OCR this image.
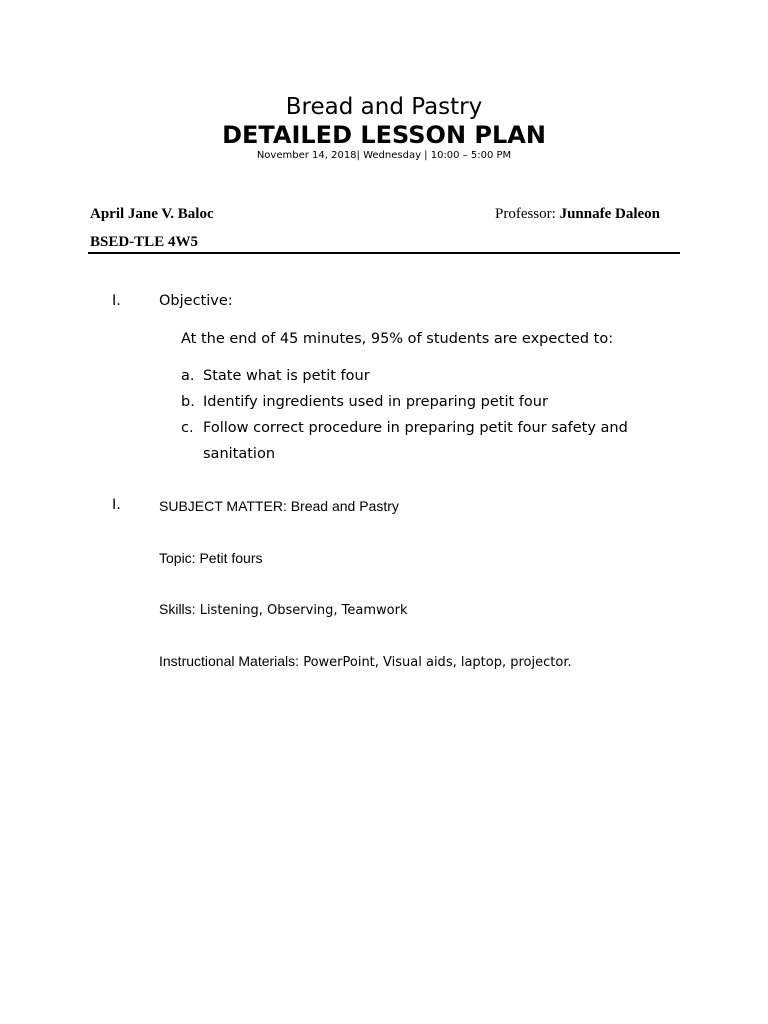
Bread and Pastry
DETAILED LESSON PLAN
November 14, 2018| Wednesday | 10:00 – 5:00 PM
April Jane V. Baloc	Professor: Junnafe Daleon
BSED-TLE 4W5
I.	Objective:
At the end of 45 minutes, 95% of students are expected to:
a. State what is petit four
b. Identify ingredients used in preparing petit four
c. Follow correct procedure in preparing petit four safety and
sanitation
I.	SUBJECT MATTER: Bread and Pastry
Topic: Petit fours
Skills: Listening, Observing, Teamwork
Instructional Materials: PowerPoint, Visual aids, laptop, projector.
